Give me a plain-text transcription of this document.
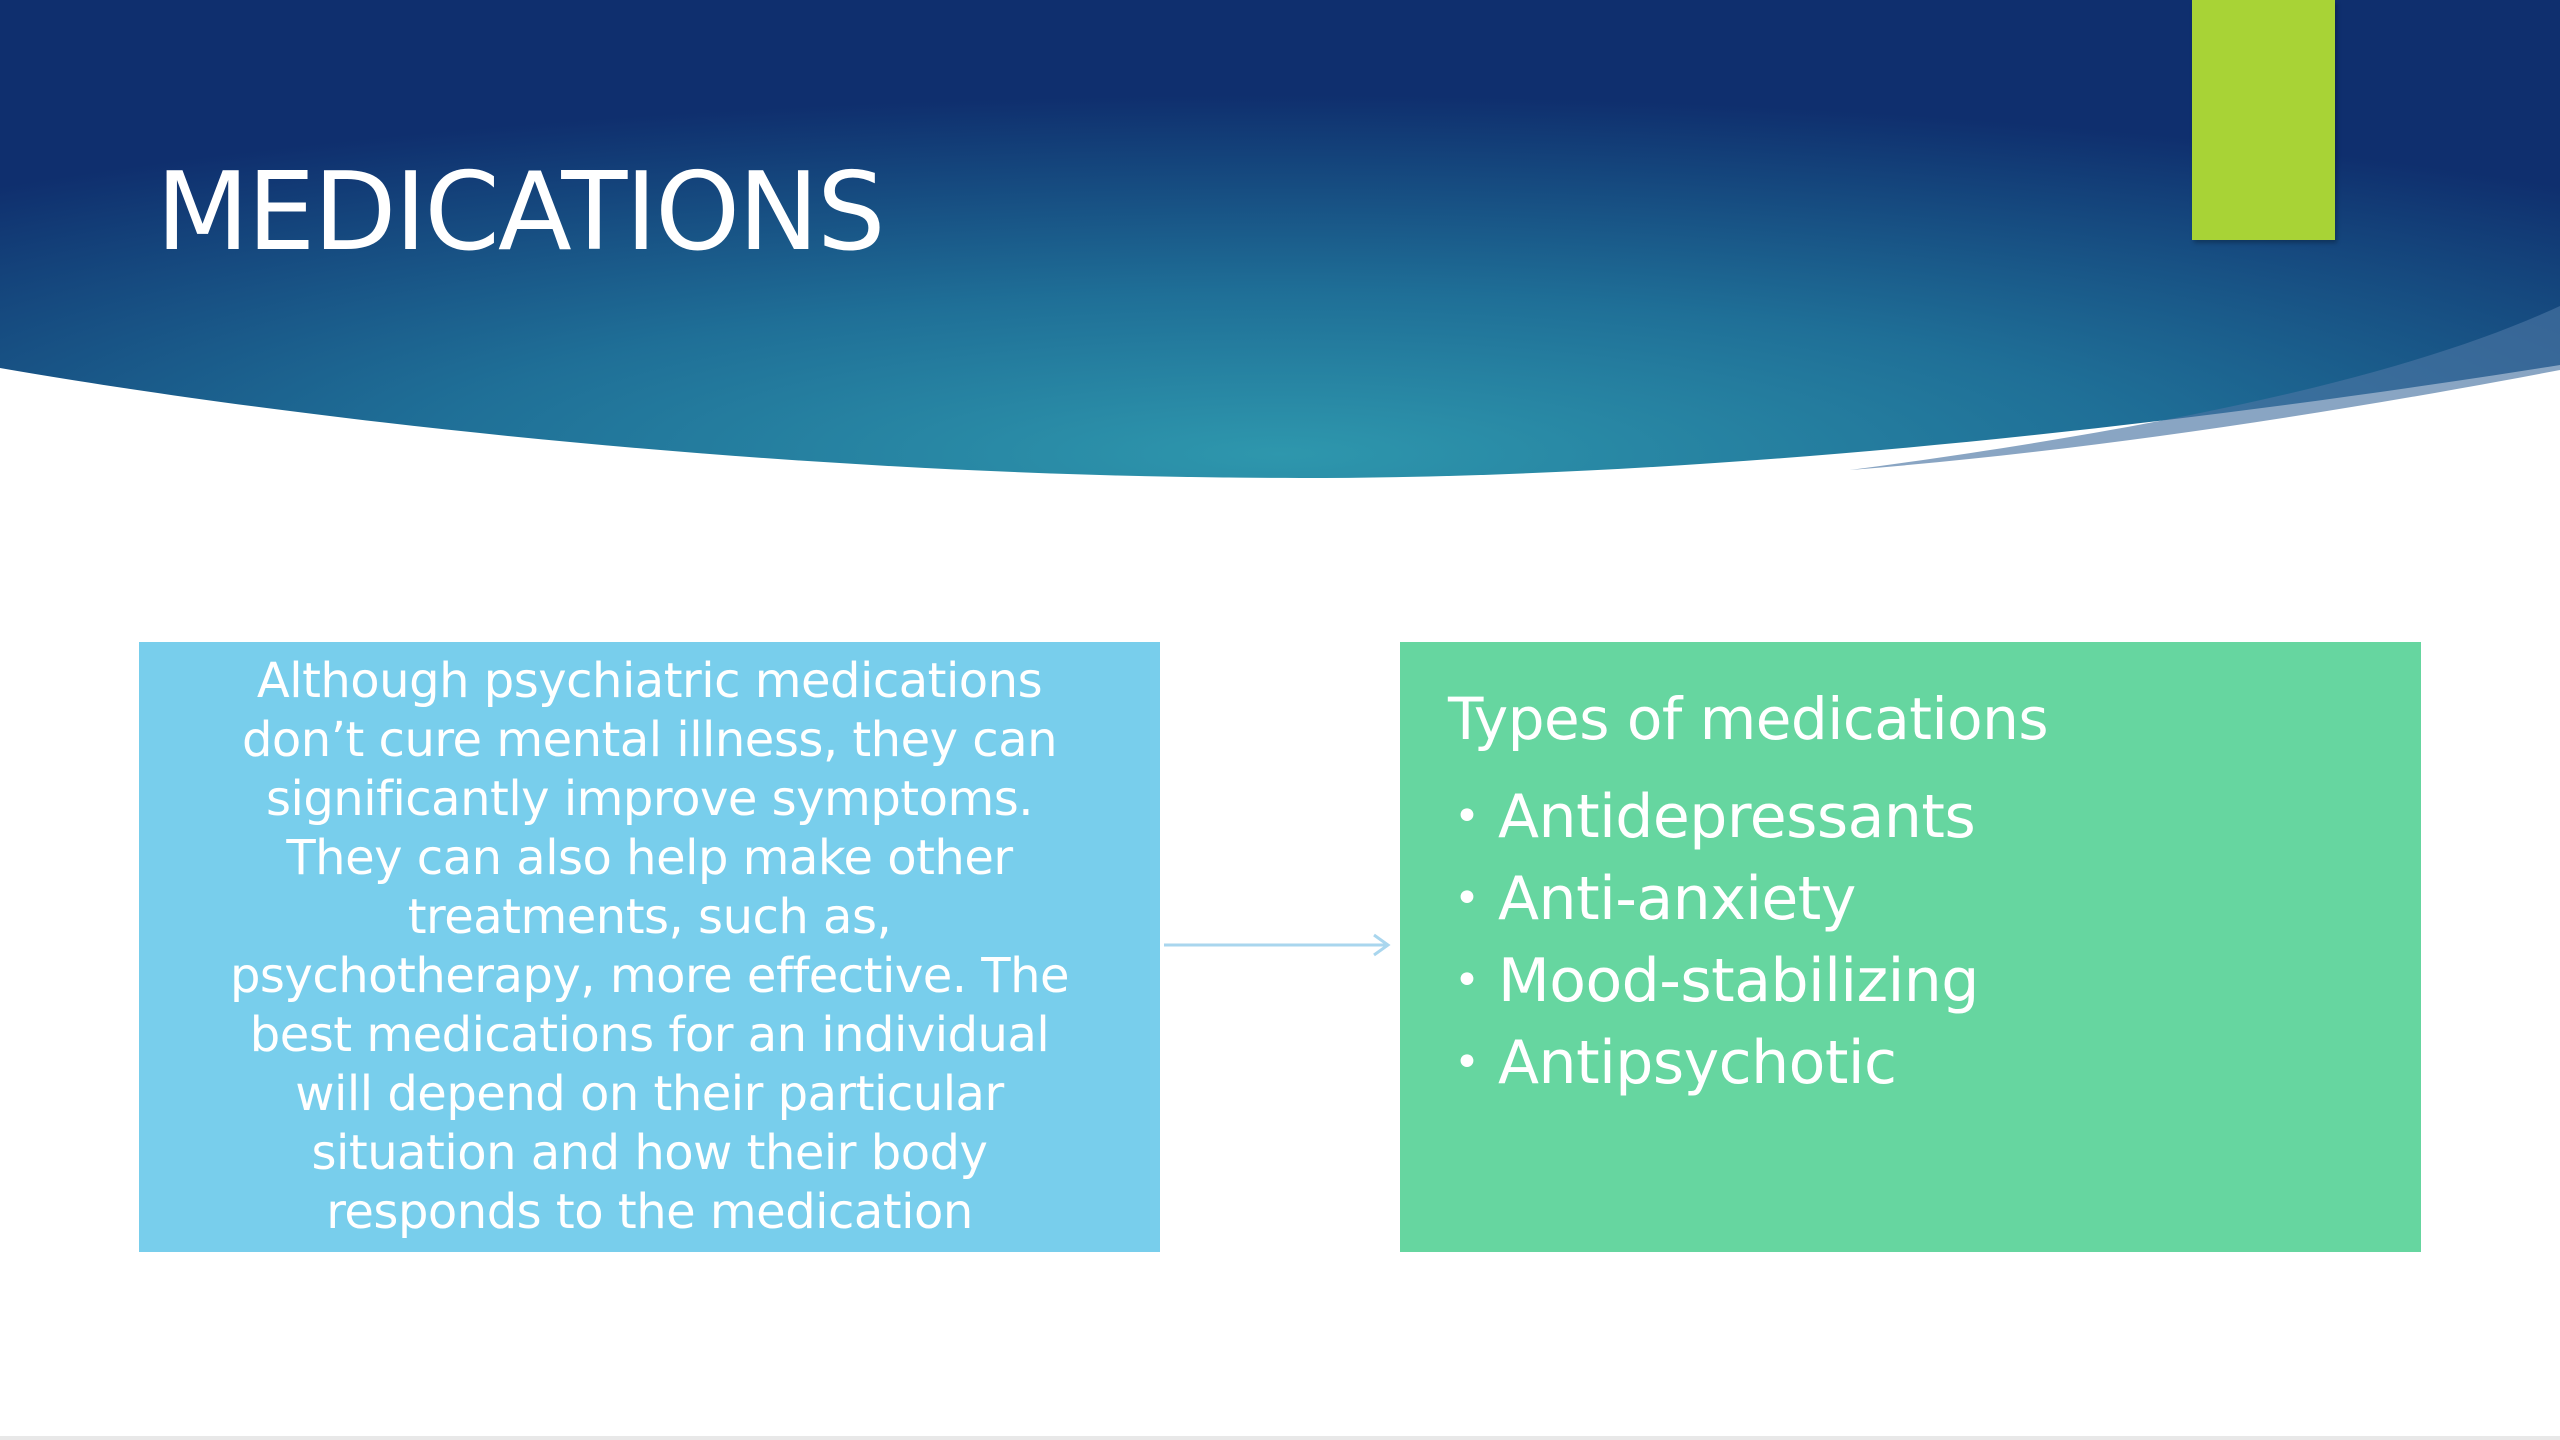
MEDICATIONS

Although psychiatric medications
don’t cure mental illness, they can
significantly improve symptoms.
They can also help make other
treatments, such as,
psychotherapy, more effective. The
best medications for an individual
will depend on their particular
situation and how their body
responds to the medication

Types of medications
• Antidepressants
• Anti-anxiety
• Mood-stabilizing
• Antipsychotic
